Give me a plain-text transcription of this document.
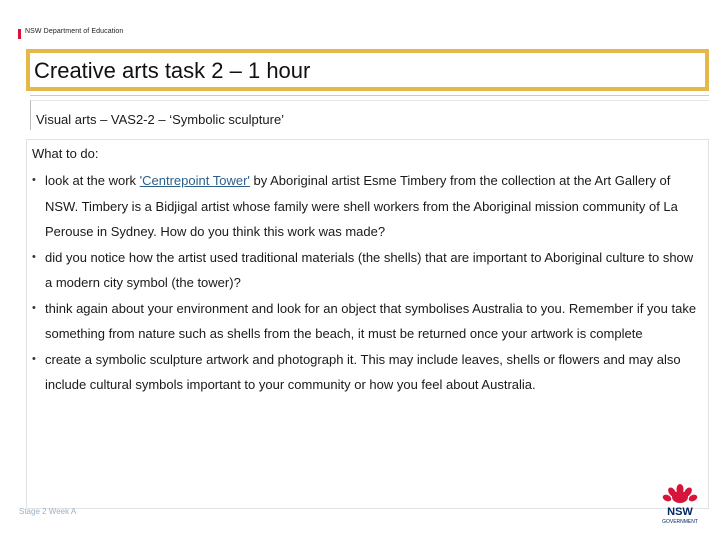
NSW Department of Education
Creative arts task 2 – 1 hour
Visual arts – VAS2-2 – ‘Symbolic sculpture’
What to do:
• look at the work 'Centrepoint Tower' by Aboriginal artist Esme Timbery from the collection at the Art Gallery of NSW. Timbery is a Bidjigal artist whose family were shell workers from the Aboriginal mission community of La Perouse in Sydney. How do you think this work was made?
• did you notice how the artist used traditional materials (the shells) that are important to Aboriginal culture to show a modern city symbol (the tower)?
• think again about your environment and look for an object that symbolises Australia to you. Remember if you take something from nature such as shells from the beach, it must be returned once your artwork is complete
• create a symbolic sculpture artwork and photograph it. This may include leaves, shells or flowers and may also include cultural symbols important to your community or how you feel about Australia.
Stage 2 Week A	NSW
GOVERNMENT
